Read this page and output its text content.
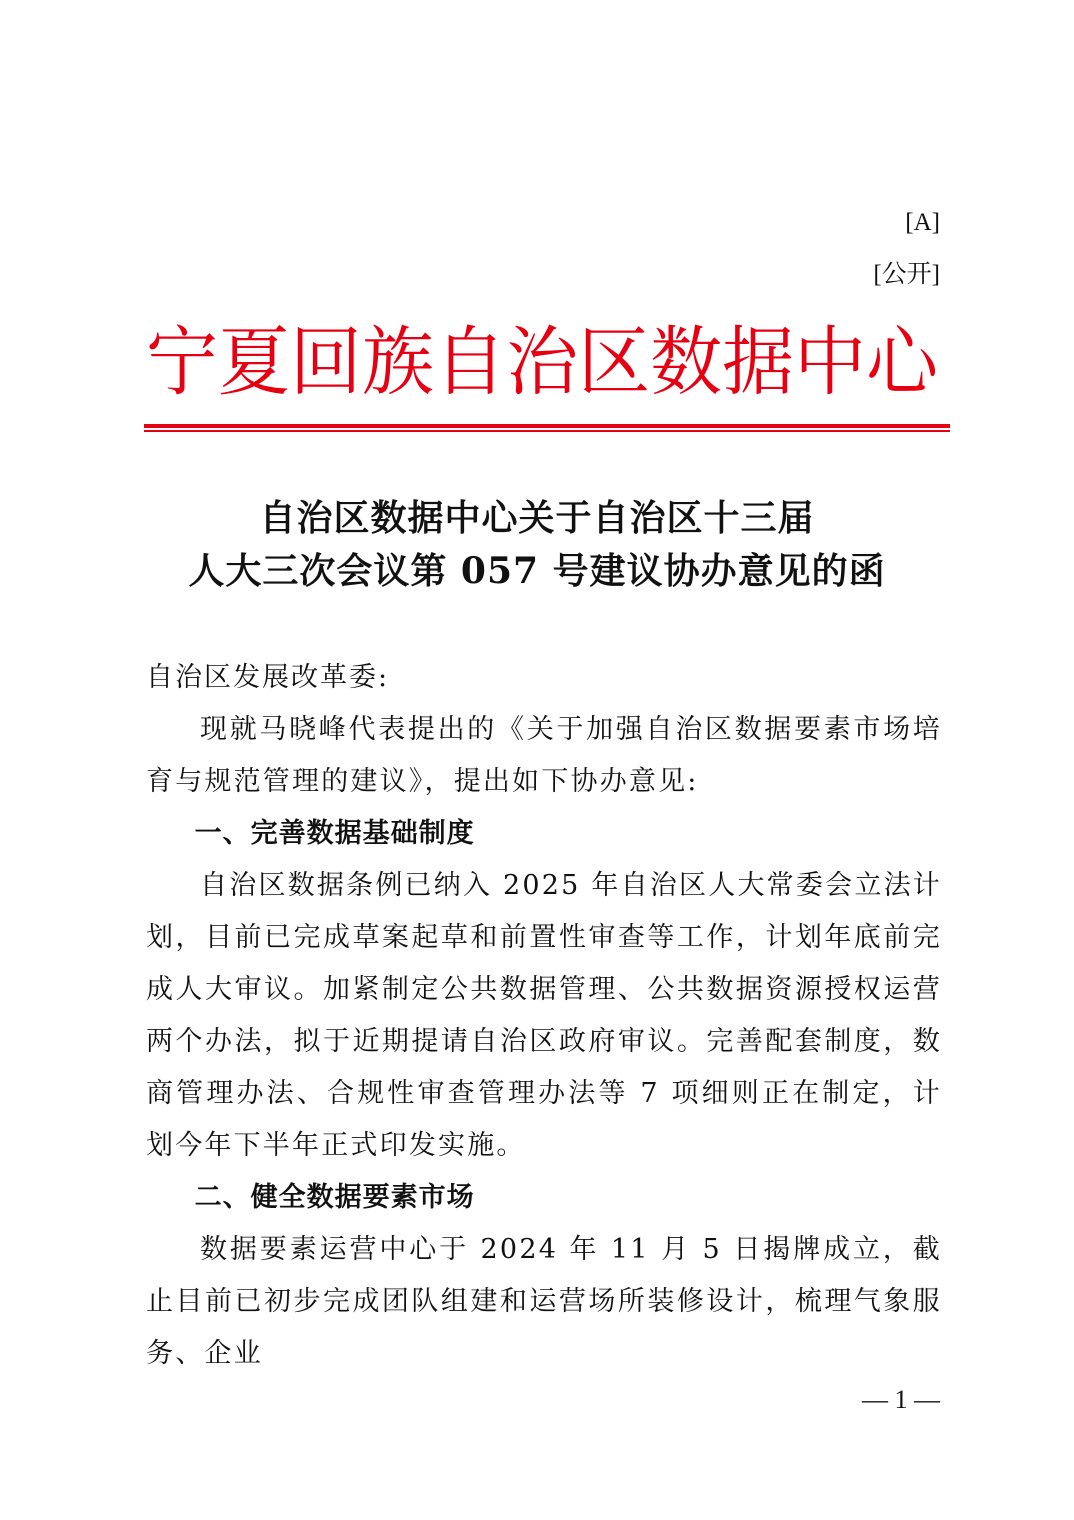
[A]
[公开]
宁 夏 回 族 自 治 区 数 据 中 心
自治区数据中心关于自治区十三届
人大三次会议第 057 号建议协办意见的函
自治区发展改革委:
现就马晓峰代表提出的《关于加强自治区数据要素市场培育与规范管理的建议》，提出如下协办意见:
一、完善数据基础制度
自治区数据条例已纳入 2025 年自治区人大常委会立法计划，目前已完成草案起草和前置性审查等工作，计划年底前完成人大审议。加紧制定公共数据管理、公共数据资源授权运营两个办法，拟于近期提请自治区政府审议。完善配套制度，数商管理办法、合规性审查管理办法等 7 项细则正在制定，计划今年下半年正式印发实施。
二、健全数据要素市场
数据要素运营中心于 2024 年 11 月 5 日揭牌成立，截止目前已初步完成团队组建和运营场所装修设计，梳理气象服务、企业
— 1 —
